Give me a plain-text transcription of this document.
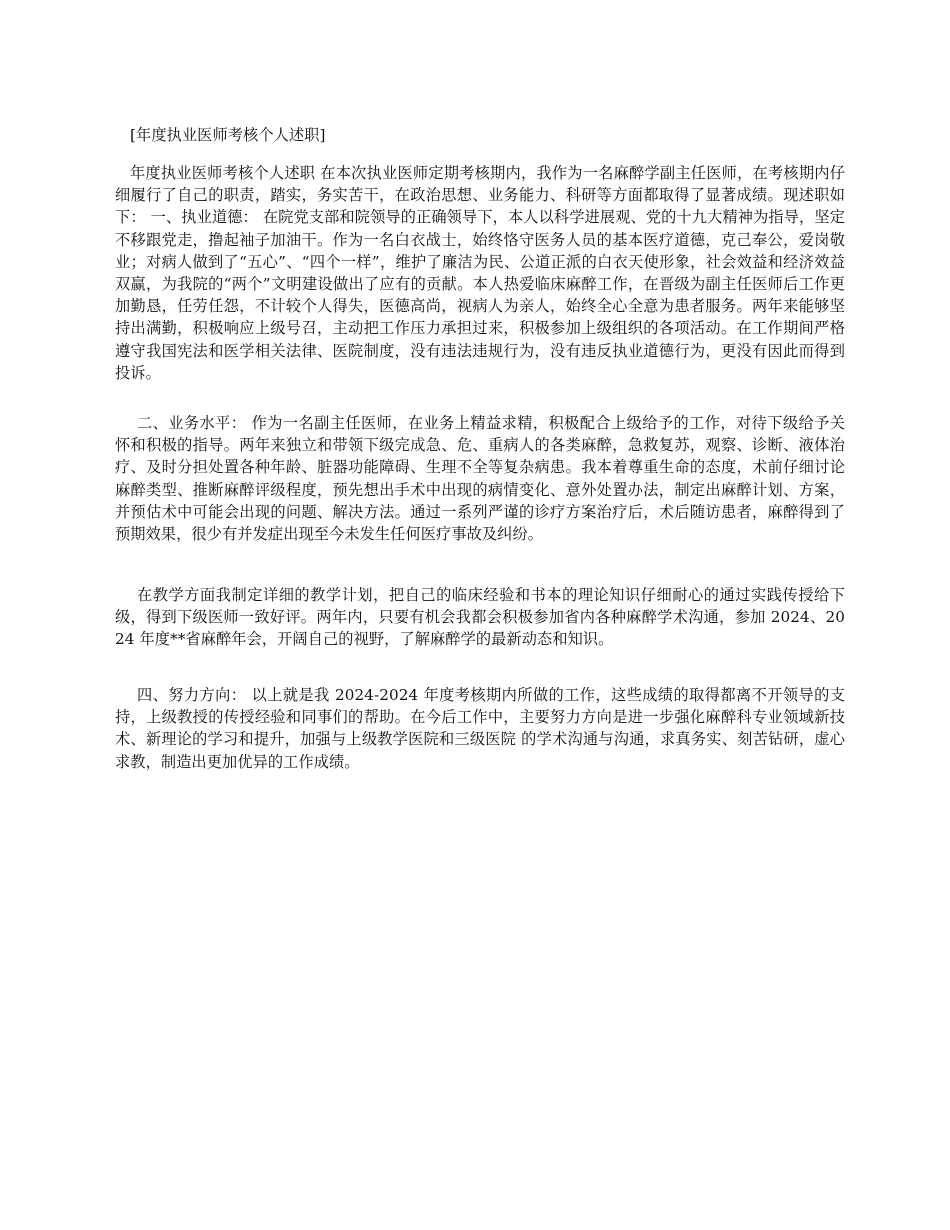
[年度执业医师考核个人述职]

年度执业医师考核个人述职 在本次执业医师定期考核期内，我作为一名麻醉学副主任医师，在考核期内仔细履行了自己的职责，踏实，务实苦干，在政治思想、业务能力、科研等方面都取得了显著成绩。现述职如下： 一、执业道德： 在院党支部和院领导的正确领导下，本人以科学进展观、党的十九大精神为指导，坚定不移跟党走，撸起袖子加油干。作为一名白衣战士，始终恪守医务人员的基本医疗道德，克己奉公，爱岗敬业；对病人做到了“五心”、“四个一样”，维护了廉洁为民、公道正派的白衣天使形象，社会效益和经济效益双赢，为我院的“两个”文明建设做出了应有的贡献。本人热爱临床麻醉工作，在晋级为副主任医师后工作更加勤恳，任劳任怨，不计较个人得失，医德高尚，视病人为亲人，始终全心全意为患者服务。两年来能够坚持出满勤，积极响应上级号召，主动把工作压力承担过来，积极参加上级组织的各项活动。在工作期间严格遵守我国宪法和医学相关法律、医院制度，没有违法违规行为，没有违反执业道德行为，更没有因此而得到投诉。

二、业务水平： 作为一名副主任医师，在业务上精益求精，积极配合上级给予的工作，对待下级给予关怀和积极的指导。两年来独立和带领下级完成急、危、重病人的各类麻醉，急救复苏，观察、诊断、液体治疗、及时分担处置各种年龄、脏器功能障碍、生理不全等复杂病患。我本着尊重生命的态度，术前仔细讨论麻醉类型、推断麻醉评级程度，预先想出手术中出现的病情变化、意外处置办法，制定出麻醉计划、方案，并预估术中可能会出现的问题、解决方法。通过一系列严谨的诊疗方案治疗后，术后随访患者，麻醉得到了预期效果，很少有并发症出现至今未发生任何医疗事故及纠纷。

在教学方面我制定详细的教学计划，把自己的临床经验和书本的理论知识仔细耐心的通过实践传授给下级，得到下级医师一致好评。两年内，只要有机会我都会积极参加省内各种麻醉学术沟通，参加 2024、2024 年度**省麻醉年会，开阔自己的视野，了解麻醉学的最新动态和知识。

四、努力方向： 以上就是我 2024-2024 年度考核期内所做的工作，这些成绩的取得都离不开领导的支持，上级教授的传授经验和同事们的帮助。在今后工作中，主要努力方向是进一步强化麻醉科专业领域新技术、新理论的学习和提升，加强与上级教学医院和三级医院 的学术沟通与沟通，求真务实、刻苦钻研，虚心求教，制造出更加优异的工作成绩。
